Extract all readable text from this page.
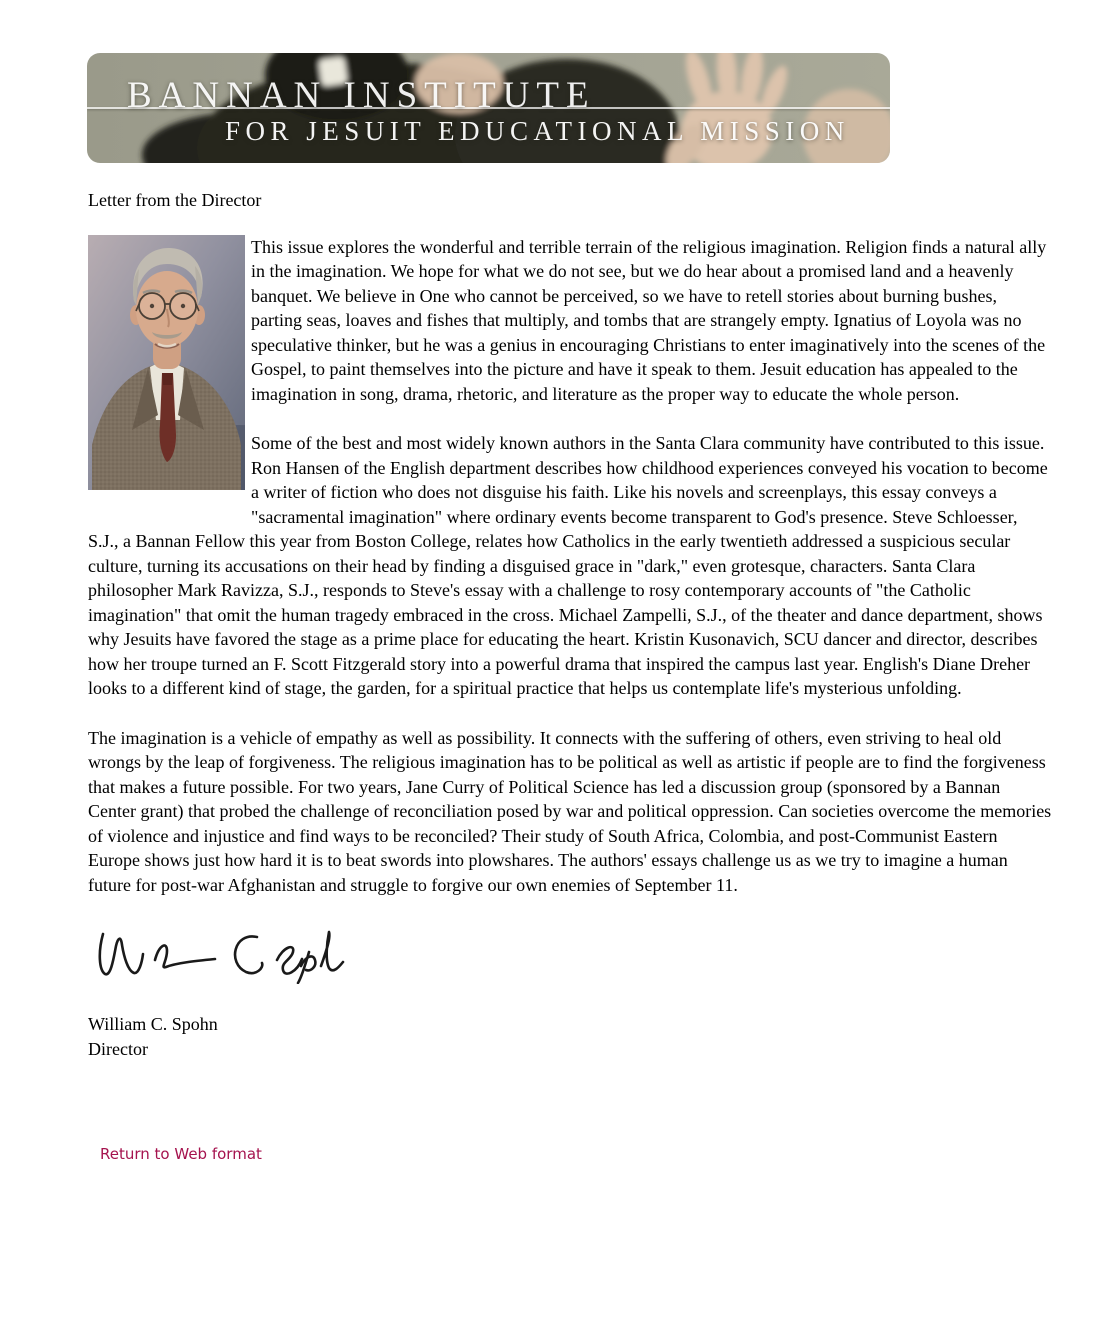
BANNAN INSTITUTE
FOR JESUIT EDUCATIONAL MISSION
Letter from the Director

This issue explores the wonderful and terrible terrain of the religious imagination. Religion finds a natural ally in the imagination. We hope for what we do not see, but we do hear about a promised land and a heavenly banquet. We believe in One who cannot be perceived, so we have to retell stories about burning bushes, parting seas, loaves and fishes that multiply, and tombs that are strangely empty. Ignatius of Loyola was no speculative thinker, but he was a genius in encouraging Christians to enter imaginatively into the scenes of the Gospel, to paint themselves into the picture and have it speak to them. Jesuit education has appealed to the imagination in song, drama, rhetoric, and literature as the proper way to educate the whole person.

Some of the best and most widely known authors in the Santa Clara community have contributed to this issue. Ron Hansen of the English department describes how childhood experiences conveyed his vocation to become a writer of fiction who does not disguise his faith. Like his novels and screenplays, this essay conveys a "sacramental imagination" where ordinary events become transparent to God's presence. Steve Schloesser, S.J., a Bannan Fellow this year from Boston College, relates how Catholics in the early twentieth addressed a suspicious secular culture, turning its accusations on their head by finding a disguised grace in "dark," even grotesque, characters. Santa Clara philosopher Mark Ravizza, S.J., responds to Steve's essay with a challenge to rosy contemporary accounts of "the Catholic imagination" that omit the human tragedy embraced in the cross. Michael Zampelli, S.J., of the theater and dance department, shows why Jesuits have favored the stage as a prime place for educating the heart. Kristin Kusonavich, SCU dancer and director, describes how her troupe turned an F. Scott Fitzgerald story into a powerful drama that inspired the campus last year. English's Diane Dreher looks to a different kind of stage, the garden, for a spiritual practice that helps us contemplate life's mysterious unfolding.

The imagination is a vehicle of empathy as well as possibility. It connects with the suffering of others, even striving to heal old wrongs by the leap of forgiveness. The religious imagination has to be political as well as artistic if people are to find the forgiveness that makes a future possible. For two years, Jane Curry of Political Science has led a discussion group (sponsored by a Bannan Center grant) that probed the challenge of reconciliation posed by war and political oppression. Can societies overcome the memories of violence and injustice and find ways to be reconciled? Their study of South Africa, Colombia, and post-Communist Eastern Europe shows just how hard it is to beat swords into plowshares. The authors' essays challenge us as we try to imagine a human future for post-war Afghanistan and struggle to forgive our own enemies of September 11.

William C. Spohn
Director
Return to Web format
